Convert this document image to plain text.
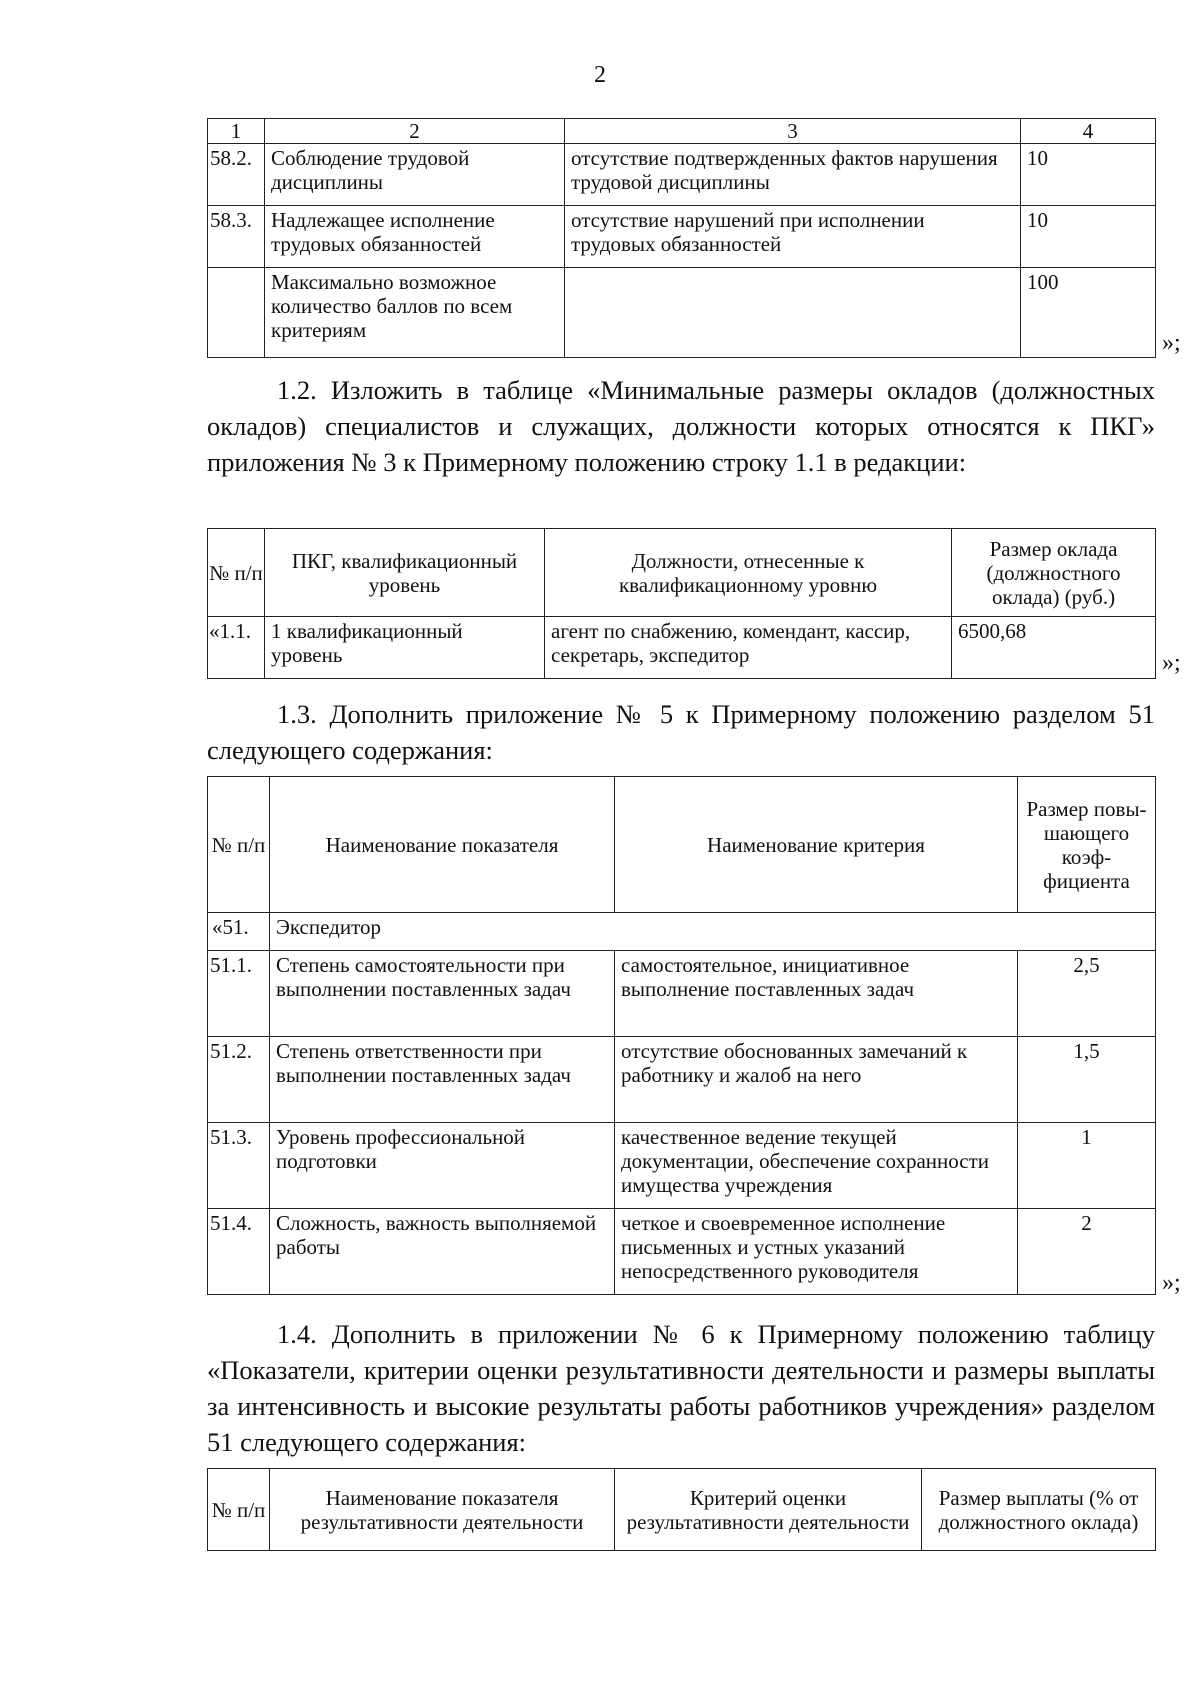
2
1	2	3	4
58.2.	Соблюдение трудовой дисциплины	отсутствие подтвержденных фактов нарушения трудовой дисциплины	10
58.3.	Надлежащее исполнение трудовых обязанностей	отсутствие нарушений при исполнении трудовых обязанностей	10
	Максимально возможное количество баллов по всем критериям		100
»;
1.2. Изложить в таблице «Минимальные размеры окладов (должностных окладов) специалистов и служащих, должности которых относятся к ПКГ» приложения № 3 к Примерному положению строку 1.1 в редакции:
№ п/п	ПКГ, квалификационный уровень	Должности, отнесенные к квалификационному уровню	Размер оклада (должностного оклада) (руб.)
«1.1.	1 квалификационный уровень	агент по снабжению, комендант, кассир, секретарь, экспедитор	6500,68
»;
1.3. Дополнить приложение № 5 к Примерному положению разделом 51 следующего содержания:
№ п/п	Наименование показателя	Наименование критерия	Размер повы- шающего коэф- фициента
«51.	Экспедитор		
51.1.	Степень самостоятельности при выполнении поставленных задач	самостоятельное, инициативное выполнение поставленных задач	2,5
51.2.	Степень ответственности при выполнении поставленных задач	отсутствие обоснованных замечаний к работнику и жалоб на него	1,5
51.3.	Уровень профессиональной подготовки	качественное ведение текущей документации, обеспечение сохранности имущества учреждения	1
51.4.	Сложность, важность выполняемой работы	четкое и своевременное исполнение письменных и устных указаний непосредственного руководителя	2
»;
1.4. Дополнить в приложении № 6 к Примерному положению таблицу «Показатели, критерии оценки результативности деятельности и размеры выплаты за интенсивность и высокие результаты работы работников учреждения» разделом 51 следующего содержания:
№ п/п	Наименование показателя результативности деятельности	Критерий оценки результативности деятельности	Размер выплаты (% от должностного оклада)
